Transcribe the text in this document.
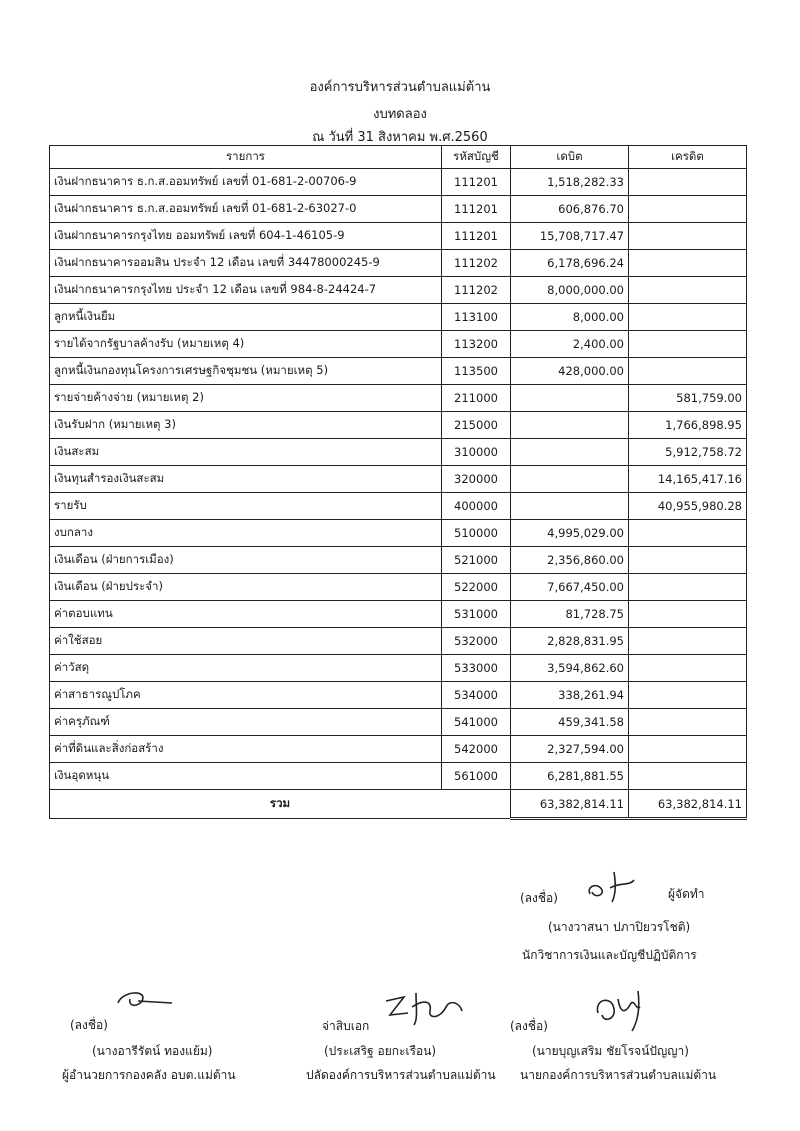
องค์การบริหารส่วนตำบลแม่ต้าน
งบทดลอง
ณ วันที่ 31 สิงหาคม พ.ศ.2560
รายการ	รหัสบัญชี	เดบิต	เครดิต
เงินฝากธนาคาร ธ.ก.ส.ออมทรัพย์ เลขที่ 01-681-2-00706-9	111201	1,518,282.33	
เงินฝากธนาคาร ธ.ก.ส.ออมทรัพย์ เลขที่ 01-681-2-63027-0	111201	606,876.70	
เงินฝากธนาคารกรุงไทย ออมทรัพย์ เลขที่ 604-1-46105-9	111201	15,708,717.47	
เงินฝากธนาคารออมสิน ประจำ 12 เดือน เลขที่ 34478000245-9	111202	6,178,696.24	
เงินฝากธนาคารกรุงไทย ประจำ 12 เดือน เลขที่ 984-8-24424-7	111202	8,000,000.00	
ลูกหนี้เงินยืม	113100	8,000.00	
รายได้จากรัฐบาลค้างรับ (หมายเหตุ 4)	113200	2,400.00	
ลูกหนี้เงินกองทุนโครงการเศรษฐกิจชุมชน (หมายเหตุ 5)	113500	428,000.00	
รายจ่ายค้างจ่าย (หมายเหตุ 2)	211000		581,759.00
เงินรับฝาก (หมายเหตุ 3)	215000		1,766,898.95
เงินสะสม	310000		5,912,758.72
เงินทุนสำรองเงินสะสม	320000		14,165,417.16
รายรับ	400000		40,955,980.28
งบกลาง	510000	4,995,029.00	
เงินเดือน (ฝ่ายการเมือง)	521000	2,356,860.00	
เงินเดือน (ฝ่ายประจำ)	522000	7,667,450.00	
ค่าตอบแทน	531000	81,728.75	
ค่าใช้สอย	532000	2,828,831.95	
ค่าวัสดุ	533000	3,594,862.60	
ค่าสาธารณูปโภค	534000	338,261.94	
ค่าครุภัณฑ์	541000	459,341.58	
ค่าที่ดินและสิ่งก่อสร้าง	542000	2,327,594.00	
เงินอุดหนุน	561000	6,281,881.55	
รวม		63,382,814.11	63,382,814.11
(ลงชื่อ)	ผู้จัดทำ
(นางวาสนา ปภาปิยวรโชติ)
นักวิชาการเงินและบัญชีปฏิบัติการ
(ลงชื่อ)
(นางอารีรัตน์ ทองแย้ม)
ผู้อำนวยการกองคลัง อบต.แม่ต้าน
จ่าสิบเอก
(ประเสริฐ อยกะเรือน)
ปลัดองค์การบริหารส่วนตำบลแม่ต้าน
(ลงชื่อ)
(นายบุญเสริม ชัยโรจน์ปัญญา)
นายกองค์การบริหารส่วนตำบลแม่ต้าน
